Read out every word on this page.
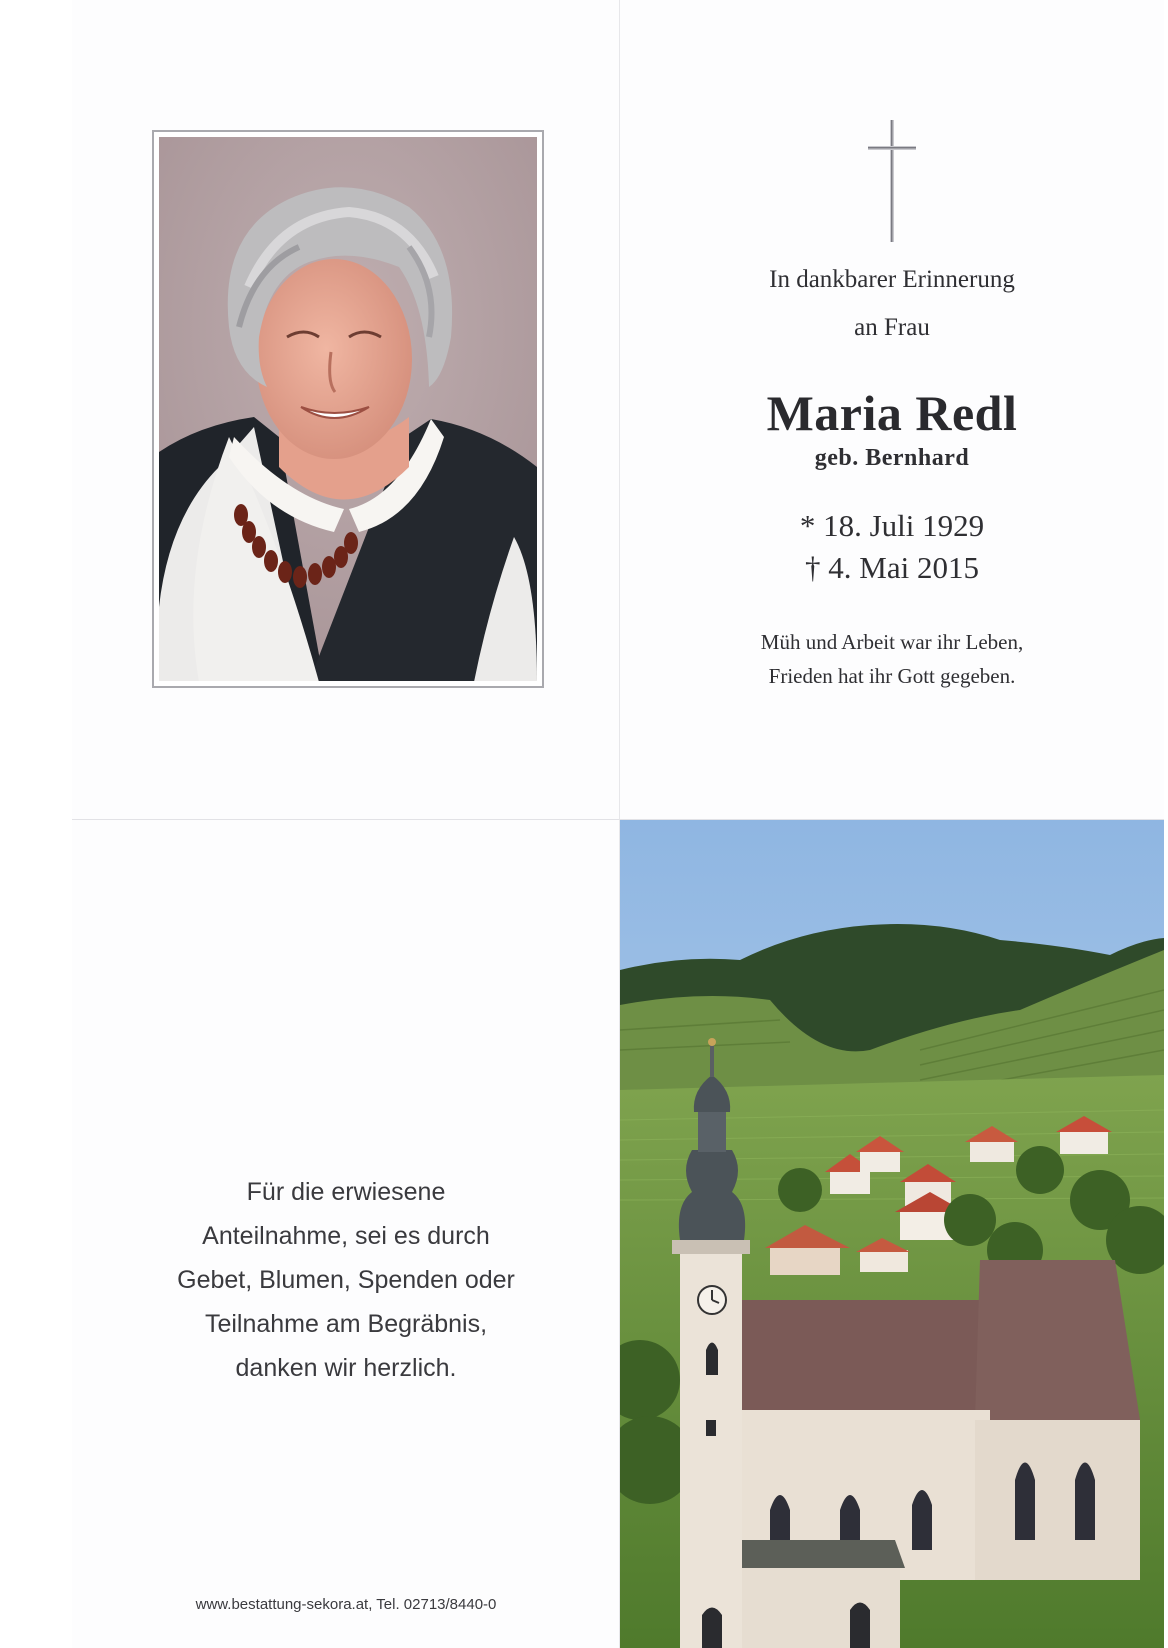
In dankbarer Erinnerung
an Frau
Maria Redl
geb. Bernhard
* 18. Juli 1929
† 4. Mai 2015
Müh und Arbeit war ihr Leben,
Frieden hat ihr Gott gegeben.
Für die erwiesene
Anteilnahme, sei es durch
Gebet, Blumen, Spenden oder
Teilnahme am Begräbnis,
danken wir herzlich.
www.bestattung-sekora.at, Tel. 02713/8440-0
